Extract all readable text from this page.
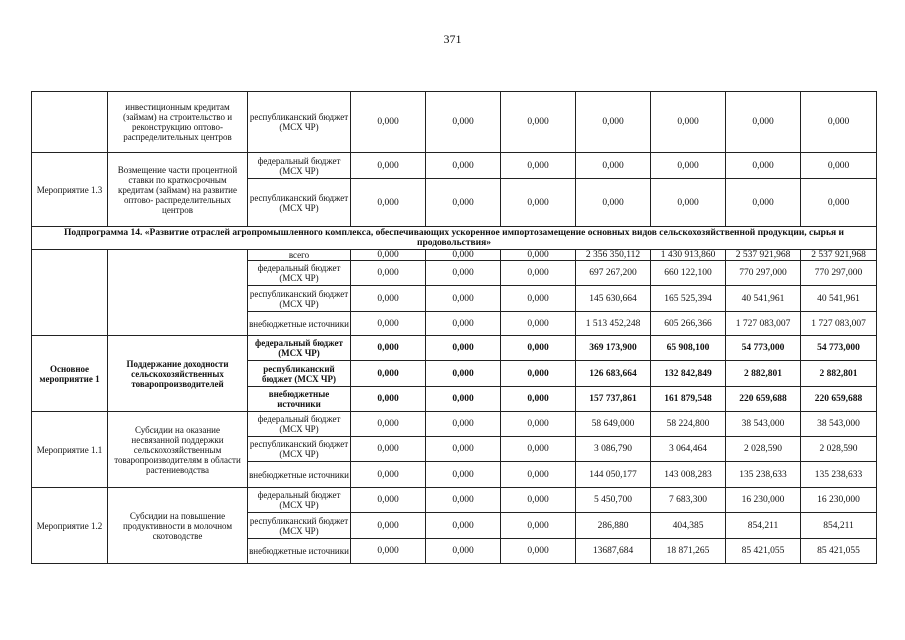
371
	инвестиционным кредитам (займам) на строительство и реконструкцию оптово-распределительных центров	республиканский бюджет (МСХ ЧР)	0,000	0,000	0,000	0,000	0,000	0,000	0,000
Мероприятие 1.3	Возмещение части процентной ставки по краткосрочным кредитам (займам) на развитие оптово- распределительных центров	федеральный бюджет (МСХ ЧР)	0,000	0,000	0,000	0,000	0,000	0,000	0,000
		республиканский бюджет (МСХ ЧР)	0,000	0,000	0,000	0,000	0,000	0,000	0,000
Подпрограмма 14. «Развитие отраслей агропромышленного комплекса, обеспечивающих ускоренное импортозамещение основных видов сельскохозяйственной продукции, сырья и продовольствия»									
		всего	0,000	0,000	0,000	2 356 350,112	1 430 913,860	2 537 921,968	2 537 921,968
		федеральный бюджет (МСХ ЧР)	0,000	0,000	0,000	697 267,200	660 122,100	770 297,000	770 297,000
		республиканский бюджет (МСХ ЧР)	0,000	0,000	0,000	145 630,664	165 525,394	40 541,961	40 541,961
		внебюджетные источники	0,000	0,000	0,000	1 513 452,248	605 266,366	1 727 083,007	1 727 083,007
Основное мероприятие 1	Поддержание доходности сельскохозяйственных товаропроизводителей	федеральный бюджет (МСХ ЧР)	0,000	0,000	0,000	369 173,900	65 908,100	54 773,000	54 773,000
		республиканский бюджет (МСХ ЧР)	0,000	0,000	0,000	126 683,664	132 842,849	2 882,801	2 882,801
		внебюджетные источники	0,000	0,000	0,000	157 737,861	161 879,548	220 659,688	220 659,688
Мероприятие 1.1	Субсидии на оказание несвязанной поддержки сельскохозяйственным товаропроизводителям в области растениеводства	федеральный бюджет (МСХ ЧР)	0,000	0,000	0,000	58 649,000	58 224,800	38 543,000	38 543,000
		республиканский бюджет (МСХ ЧР)	0,000	0,000	0,000	3 086,790	3 064,464	2 028,590	2 028,590
		внебюджетные источники	0,000	0,000	0,000	144 050,177	143 008,283	135 238,633	135 238,633
Мероприятие 1.2	Субсидии на повышение продуктивности в молочном скотоводстве	федеральный бюджет (МСХ ЧР)	0,000	0,000	0,000	5 450,700	7 683,300	16 230,000	16 230,000
		республиканский бюджет (МСХ ЧР)	0,000	0,000	0,000	286,880	404,385	854,211	854,211
		внебюджетные источники	0,000	0,000	0,000	13687,684	18 871,265	85 421,055	85 421,055
